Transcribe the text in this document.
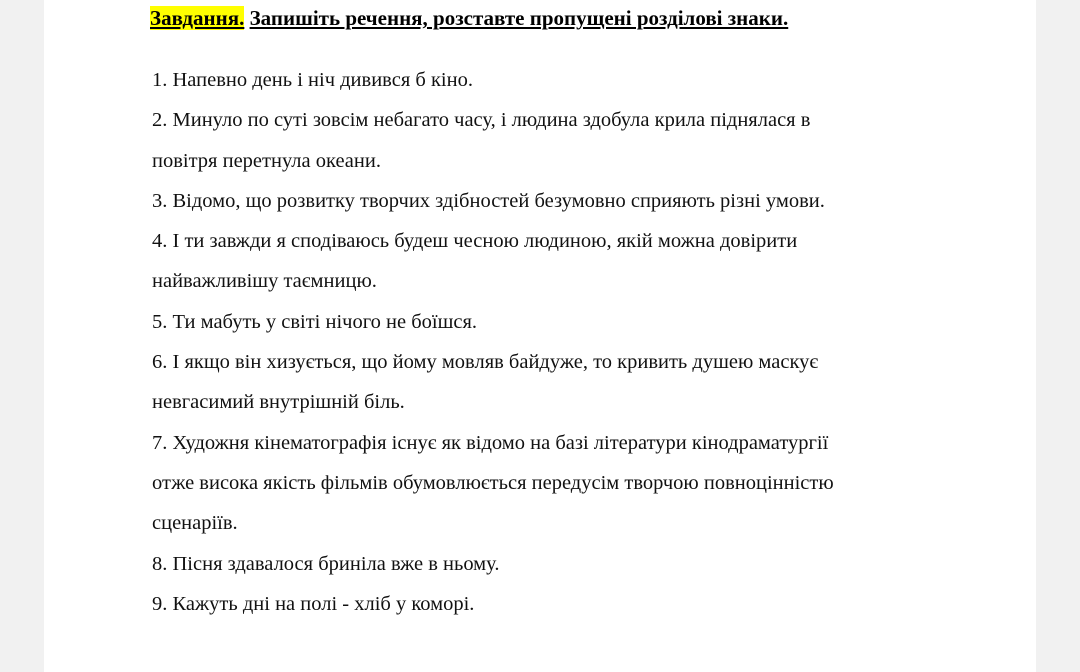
Завдання. Запишіть речення, розставте пропущені розділові знаки.
1. Напевно день і ніч дивився б кіно.
2. Минуло по суті зовсім небагато часу, і людина здобула крила піднялася в
повітря перетнула океани.
3. Відомо, що розвитку творчих здібностей безумовно сприяють різні умови.
4. І ти завжди я сподіваюсь будеш чесною людиною, якій можна довірити
найважливішу таємницю.
5. Ти мабуть у світі нічого не боїшся.
6. І якщо він хизується, що йому мовляв байдуже, то кривить душею маскує
невгасимий внутрішній біль.
7. Художня кінематографія існує як відомо на базі літератури кінодраматургії
отже висока якість фільмів обумовлюється передусім творчою повноцінністю
сценаріїв.
8. Пісня здавалося бриніла вже в ньому.
9. Кажуть дні на полі - хліб у коморі.
